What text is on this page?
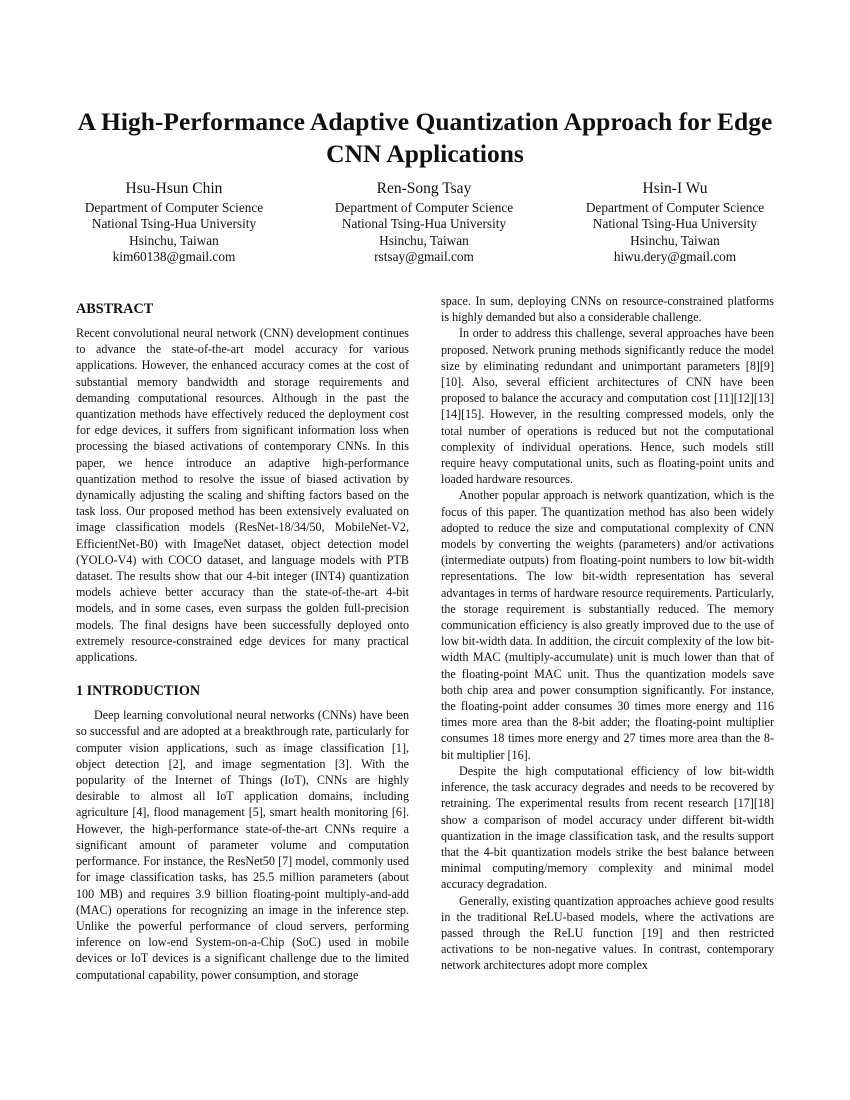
A High-Performance Adaptive Quantization Approach for Edge CNN Applications
Hsu-Hsun Chin
Department of Computer Science
National Tsing-Hua University
Hsinchu, Taiwan
kim60138@gmail.com
Ren-Song Tsay
Department of Computer Science
National Tsing-Hua University
Hsinchu, Taiwan
rstsay@gmail.com
Hsin-I Wu
Department of Computer Science
National Tsing-Hua University
Hsinchu, Taiwan
hiwu.dery@gmail.com
ABSTRACT

Recent convolutional neural network (CNN) development continues to advance the state-of-the-art model accuracy for various applications. However, the enhanced accuracy comes at the cost of substantial memory bandwidth and storage requirements and demanding computational resources. Although in the past the quantization methods have effectively reduced the deployment cost for edge devices, it suffers from significant information loss when processing the biased activations of contemporary CNNs. In this paper, we hence introduce an adaptive high-performance quantization method to resolve the issue of biased activation by dynamically adjusting the scaling and shifting factors based on the task loss. Our proposed method has been extensively evaluated on image classification models (ResNet-18/34/50, MobileNet-V2, EfficientNet-B0) with ImageNet dataset, object detection model (YOLO-V4) with COCO dataset, and language models with PTB dataset. The results show that our 4-bit integer (INT4) quantization models achieve better accuracy than the state-of-the-art 4-bit models, and in some cases, even surpass the golden full-precision models. The final designs have been successfully deployed onto extremely resource-constrained edge devices for many practical applications.

1 INTRODUCTION

Deep learning convolutional neural networks (CNNs) have been so successful and are adopted at a breakthrough rate, particularly for computer vision applications, such as image classification [1], object detection [2], and image segmentation [3]. With the popularity of the Internet of Things (IoT), CNNs are highly desirable to almost all IoT application domains, including agriculture [4], flood management [5], smart health monitoring [6]. However, the high-performance state-of-the-art CNNs require a significant amount of parameter volume and computation performance. For instance, the ResNet50 [7] model, commonly used for image classification tasks, has 25.5 million parameters (about 100 MB) and requires 3.9 billion floating-point multiply-and-add (MAC) operations for recognizing an image in the inference step. Unlike the powerful performance of cloud servers, performing inference on low-end System-on-a-Chip (SoC) used in mobile devices or IoT devices is a significant challenge due to the limited computational capability, power consumption, and storage

space. In sum, deploying CNNs on resource-constrained platforms is highly demanded but also a considerable challenge.

In order to address this challenge, several approaches have been proposed. Network pruning methods significantly reduce the model size by eliminating redundant and unimportant parameters [8][9][10]. Also, several efficient architectures of CNN have been proposed to balance the accuracy and computation cost [11][12][13][14][15]. However, in the resulting compressed models, only the total number of operations is reduced but not the computational complexity of individual operations. Hence, such models still require heavy computational units, such as floating-point units and loaded hardware resources.

Another popular approach is network quantization, which is the focus of this paper. The quantization method has also been widely adopted to reduce the size and computational complexity of CNN models by converting the weights (parameters) and/or activations (intermediate outputs) from floating-point numbers to low bit-width representations. The low bit-width representation has several advantages in terms of hardware resource requirements. Particularly, the storage requirement is substantially reduced. The memory communication efficiency is also greatly improved due to the use of low bit-width data. In addition, the circuit complexity of the low bit-width MAC (multiply-accumulate) unit is much lower than that of the floating-point MAC unit. Thus the quantization models save both chip area and power consumption significantly. For instance, the floating-point adder consumes 30 times more energy and 116 times more area than the 8-bit adder; the floating-point multiplier consumes 18 times more energy and 27 times more area than the 8-bit multiplier [16].

Despite the high computational efficiency of low bit-width inference, the task accuracy degrades and needs to be recovered by retraining. The experimental results from recent research [17][18] show a comparison of model accuracy under different bit-width quantization in the image classification task, and the results support that the 4-bit quantization models strike the best balance between minimal computing/memory complexity and minimal model accuracy degradation.

Generally, existing quantization approaches achieve good results in the traditional ReLU-based models, where the activations are passed through the ReLU function [19] and then restricted activations to be non-negative values. In contrast, contemporary network architectures adopt more complex
